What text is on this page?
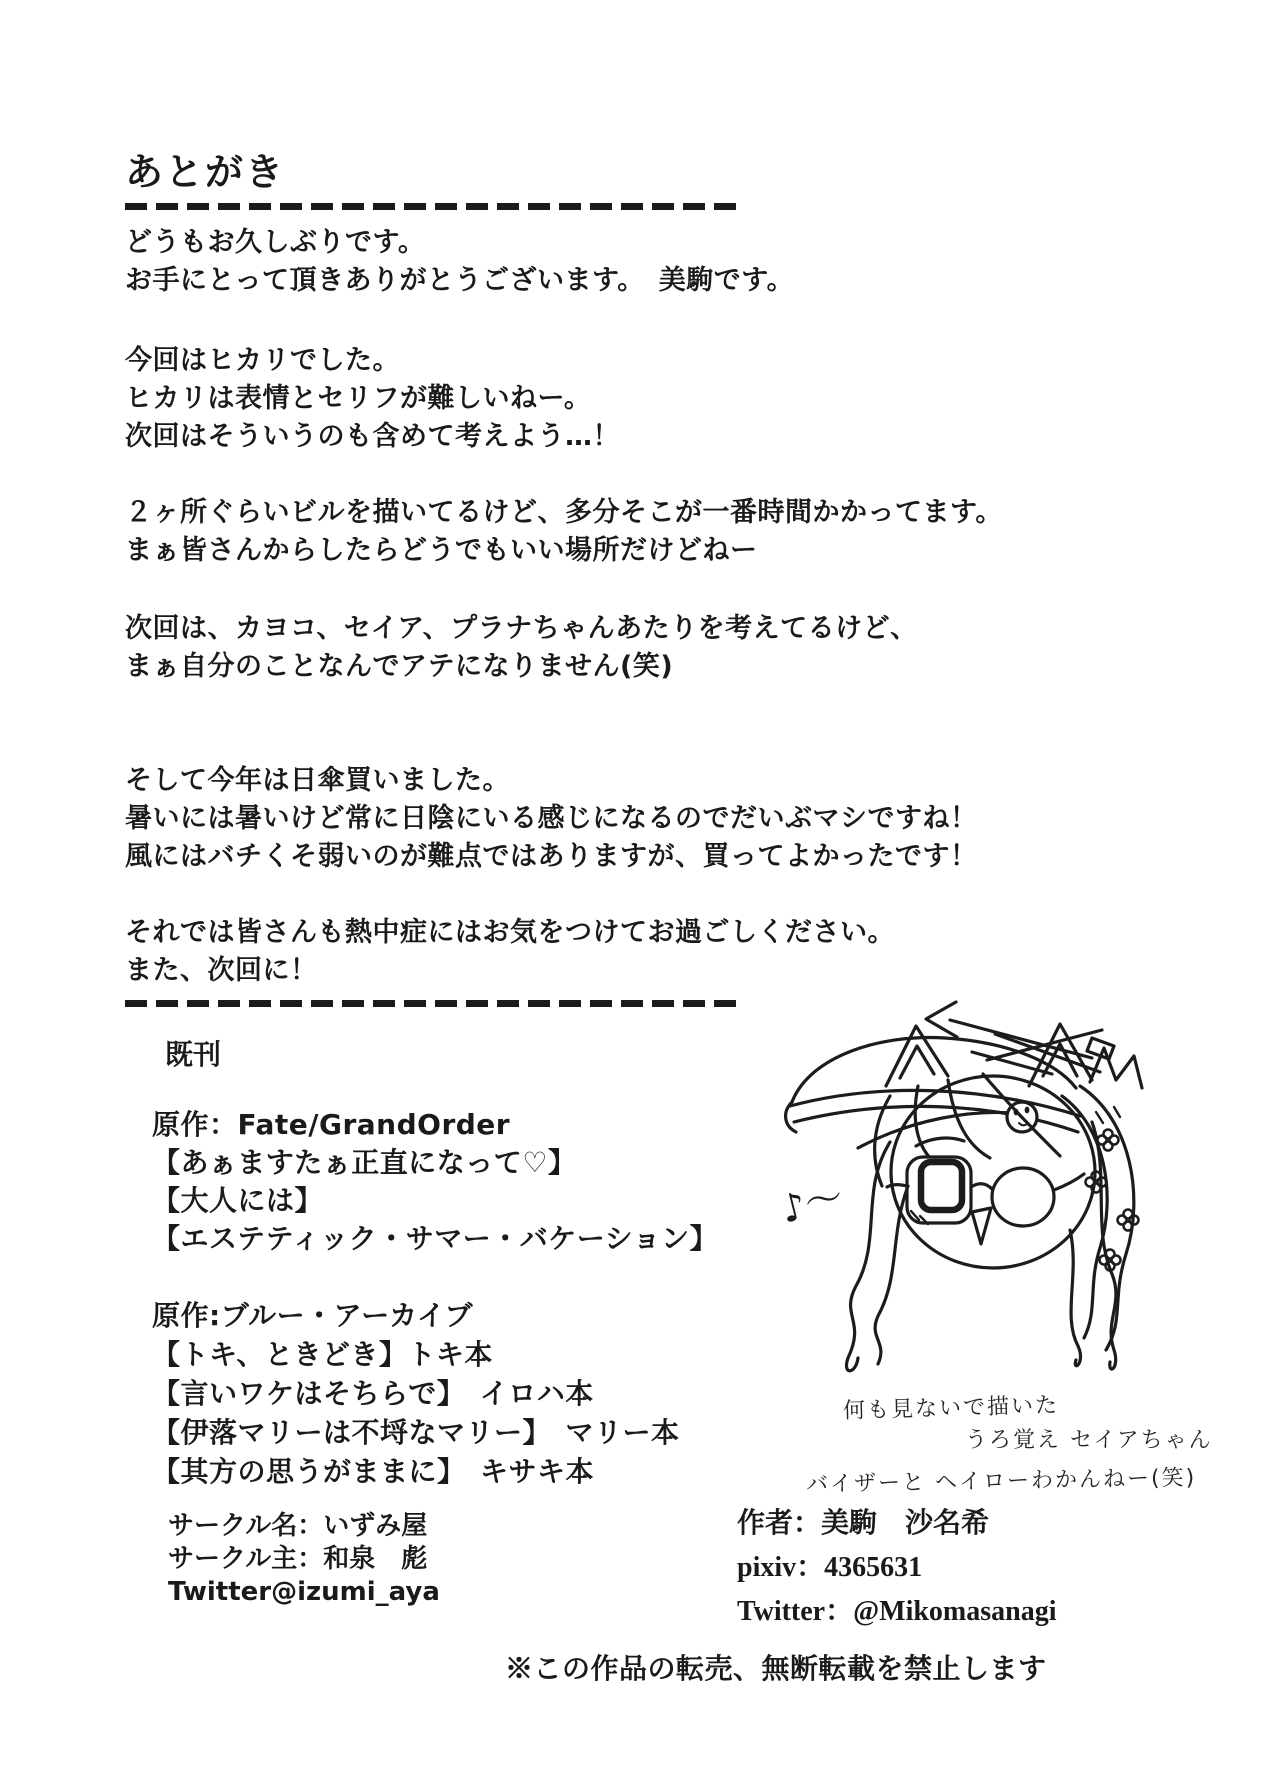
あとがき
どうもお久しぶりです。
お手にとって頂きありがとうございます。　美駒です。
今回はヒカリでした。
ヒカリは表情とセリフが難しいねー。
次回はそういうのも含めて考えよう…！
２ヶ所ぐらいビルを描いてるけど、多分そこが一番時間かかってます。
まぁ皆さんからしたらどうでもいい場所だけどねー
次回は、カヨコ、セイア、プラナちゃんあたりを考えてるけど、
まぁ自分のことなんでアテになりません(笑)
そして今年は日傘買いました。
暑いには暑いけど常に日陰にいる感じになるのでだいぶマシですね！
風にはバチくそ弱いのが難点ではありますが、買ってよかったです！
それでは皆さんも熱中症にはお気をつけてお過ごしください。
また、次回に！
既刊
原作：Fate/GrandOrder
【あぁますたぁ正直になって♡】
【大人には】
【エステティック・サマー・バケーション】
原作:ブルー・アーカイブ
【トキ、ときどき】トキ本
【言いワケはそちらで】　イロハ本
【伊落マリーは不埒なマリー】　マリー本
【其方の思うがままに】　キサキ本
サークル名：いずみ屋
サークル主：和泉　彪
Twitter@izumi_aya
作者：美駒　沙名希
pixiv：4365631
Twitter：@Mikomasanagi
※この作品の転売、無断転載を禁止します
♪〜
何も見ないで描いた
うろ覚え セイアちゃん
バイザーと ヘイローわかんねー(笑)
